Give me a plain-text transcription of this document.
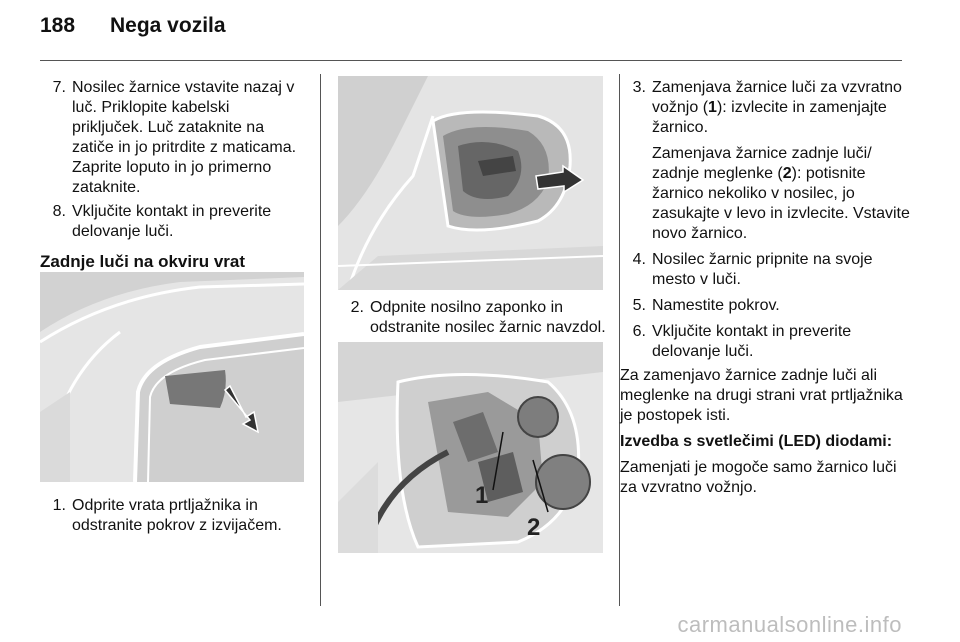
188 Nega vozila
7. Nosilec žarnice vstavite nazaj v luč. Priklopite kabelski priključek. Luč zataknite na zatiče in jo pritrdite z maticama. Zaprite loputo in jo primerno zataknite.
8. Vključite kontakt in preverite delovanje luči.
Zadnje luči na okviru vrat
1. Odprite vrata prtljažnika in odstranite pokrov z izvijačem.
2. Odpnite nosilno zaponko in odstranite nosilec žarnic navzdol.
1
2
3. Zamenjava žarnice luči za vzvratno vožnjo (1): izvlecite in zamenjajte žarnico.
Zamenjava žarnice zadnje luči/ zadnje meglenke (2): potisnite žarnico nekoliko v nosilec, jo zasukajte v levo in izvlecite. Vstavite novo žarnico.
4. Nosilec žarnic pripnite na svoje mesto v luči.
5. Namestite pokrov.
6. Vključite kontakt in preverite delovanje luči.
Za zamenjavo žarnice zadnje luči ali meglenke na drugi strani vrat prtljažnika je postopek isti.
Izvedba s svetlečimi (LED) diodami:
Zamenjati je mogoče samo žarnico luči za vzvratno vožnjo.
carmanualsonline.info
